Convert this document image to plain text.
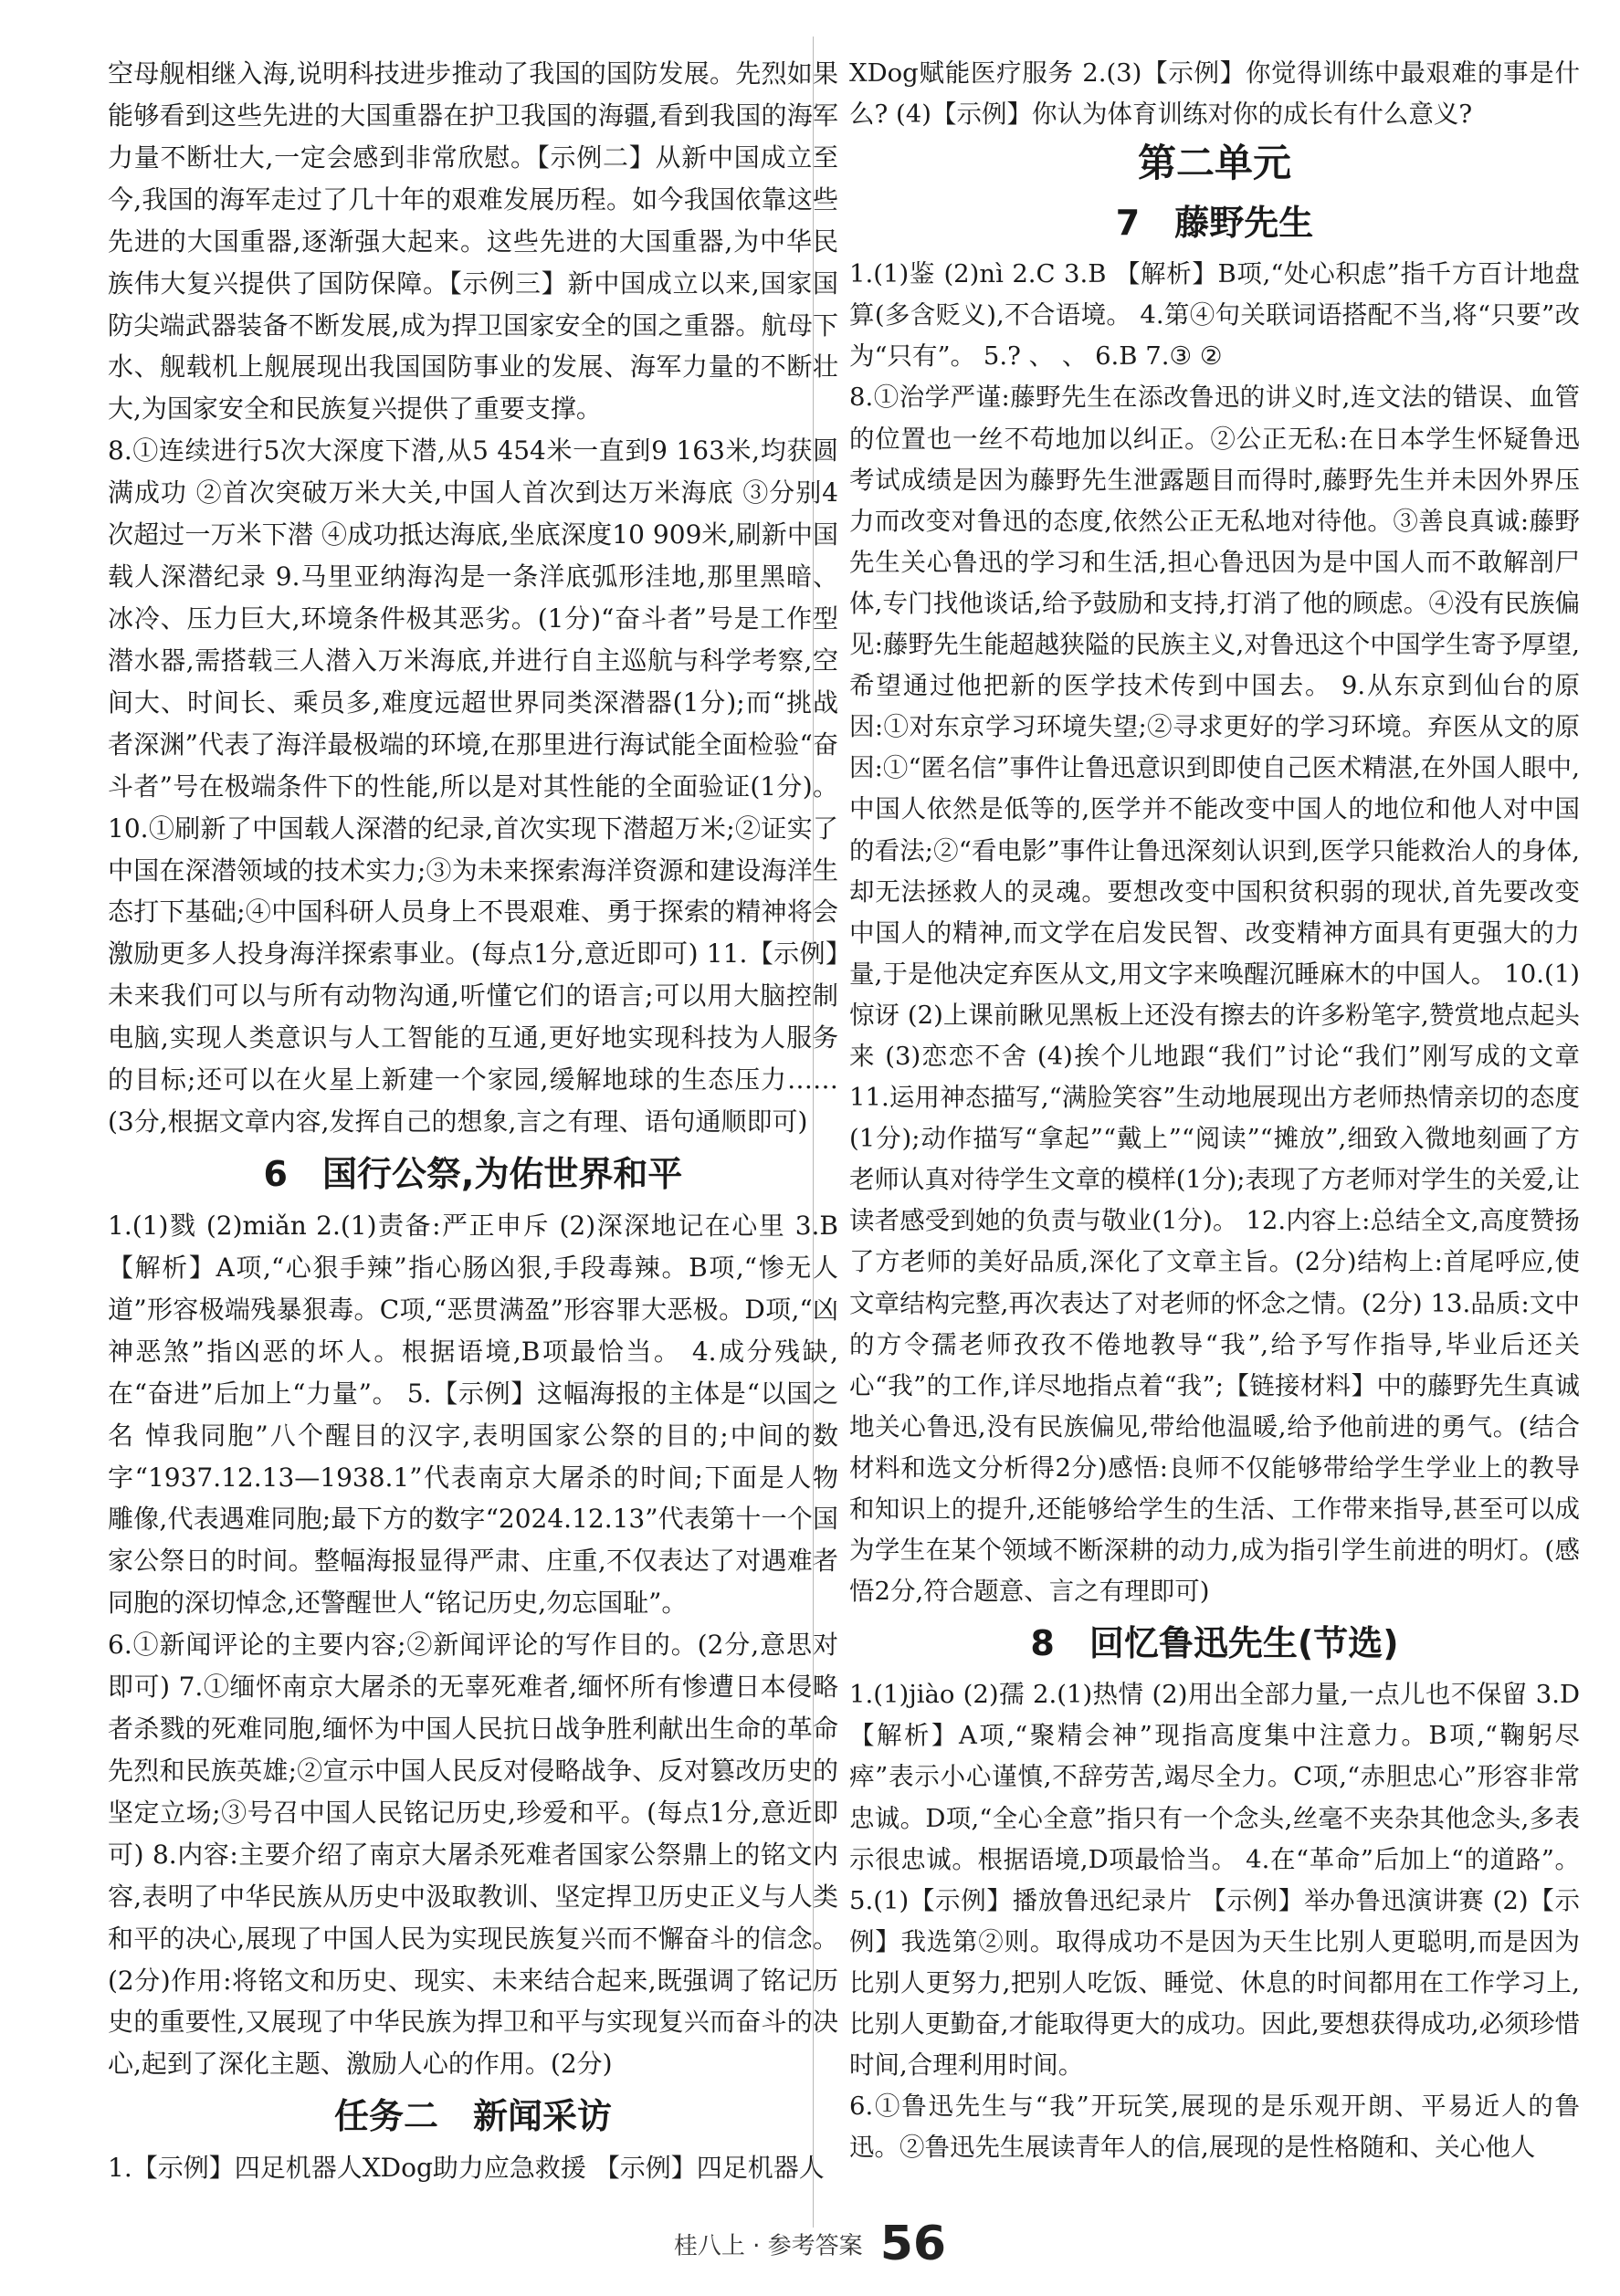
空母舰相继入海,说明科技进步推动了我国的国防发展。先烈如果能够看到这些先进的大国重器在护卫我国的海疆,看到我国的海军力量不断壮大,一定会感到非常欣慰。【示例二】从新中国成立至今,我国的海军走过了几十年的艰难发展历程。如今我国依靠这些先进的大国重器,逐渐强大起来。这些先进的大国重器,为中华民族伟大复兴提供了国防保障。【示例三】新中国成立以来,国家国防尖端武器装备不断发展,成为捍卫国家安全的国之重器。航母下水、舰载机上舰展现出我国国防事业的发展、海军力量的不断壮大,为国家安全和民族复兴提供了重要支撑。

8.①连续进行5次大深度下潜,从5 454米一直到9 163米,均获圆满成功 ②首次突破万米大关,中国人首次到达万米海底 ③分别4次超过一万米下潜 ④成功抵达海底,坐底深度10 909米,刷新中国载人深潜纪录 9.马里亚纳海沟是一条洋底弧形洼地,那里黑暗、冰冷、压力巨大,环境条件极其恶劣。(1分)“奋斗者”号是工作型潜水器,需搭载三人潜入万米海底,并进行自主巡航与科学考察,空间大、时间长、乘员多,难度远超世界同类深潜器(1分);而“挑战者深渊”代表了海洋最极端的环境,在那里进行海试能全面检验“奋斗者”号在极端条件下的性能,所以是对其性能的全面验证(1分)。 10.①刷新了中国载人深潜的纪录,首次实现下潜超万米;②证实了中国在深潜领域的技术实力;③为未来探索海洋资源和建设海洋生态打下基础;④中国科研人员身上不畏艰难、勇于探索的精神将会激励更多人投身海洋探索事业。(每点1分,意近即可) 11.【示例】未来我们可以与所有动物沟通,听懂它们的语言;可以用大脑控制电脑,实现人类意识与人工智能的互通,更好地实现科技为人服务的目标;还可以在火星上新建一个家园,缓解地球的生态压力……(3分,根据文章内容,发挥自己的想象,言之有理、语句通顺即可)

6　国行公祭,为佑世界和平

1.(1)戮 (2)miǎn 2.(1)责备:严正申斥 (2)深深地记在心里 3.B 【解析】A项,“心狠手辣”指心肠凶狠,手段毒辣。B项,“惨无人道”形容极端残暴狠毒。C项,“恶贯满盈”形容罪大恶极。D项,“凶神恶煞”指凶恶的坏人。根据语境,B项最恰当。 4.成分残缺,在“奋进”后加上“力量”。 5.【示例】这幅海报的主体是“以国之名 悼我同胞”八个醒目的汉字,表明国家公祭的目的;中间的数字“1937.12.13—1938.1”代表南京大屠杀的时间;下面是人物雕像,代表遇难同胞;最下方的数字“2024.12.13”代表第十一个国家公祭日的时间。整幅海报显得严肃、庄重,不仅表达了对遇难者同胞的深切悼念,还警醒世人“铭记历史,勿忘国耻”。

6.①新闻评论的主要内容;②新闻评论的写作目的。(2分,意思对即可) 7.①缅怀南京大屠杀的无辜死难者,缅怀所有惨遭日本侵略者杀戮的死难同胞,缅怀为中国人民抗日战争胜利献出生命的革命先烈和民族英雄;②宣示中国人民反对侵略战争、反对篡改历史的坚定立场;③号召中国人民铭记历史,珍爱和平。(每点1分,意近即可) 8.内容:主要介绍了南京大屠杀死难者国家公祭鼎上的铭文内容,表明了中华民族从历史中汲取教训、坚定捍卫历史正义与人类和平的决心,展现了中国人民为实现民族复兴而不懈奋斗的信念。(2分)作用:将铭文和历史、现实、未来结合起来,既强调了铭记历史的重要性,又展现了中华民族为捍卫和平与实现复兴而奋斗的决心,起到了深化主题、激励人心的作用。(2分)

任务二　新闻采访

1.【示例】四足机器人XDog助力应急救援 【示例】四足机器人

XDog赋能医疗服务 2.(3)【示例】你觉得训练中最艰难的事是什么? (4)【示例】你认为体育训练对你的成长有什么意义?

第二单元
7　藤野先生

1.(1)鉴 (2)nì 2.C 3.B 【解析】B项,“处心积虑”指千方百计地盘算(多含贬义),不合语境。 4.第④句关联词语搭配不当,将“只要”改为“只有”。 5.? 、 、 6.B 7.③ ②

8.①治学严谨:藤野先生在添改鲁迅的讲义时,连文法的错误、血管的位置也一丝不苟地加以纠正。②公正无私:在日本学生怀疑鲁迅考试成绩是因为藤野先生泄露题目而得时,藤野先生并未因外界压力而改变对鲁迅的态度,依然公正无私地对待他。③善良真诚:藤野先生关心鲁迅的学习和生活,担心鲁迅因为是中国人而不敢解剖尸体,专门找他谈话,给予鼓励和支持,打消了他的顾虑。④没有民族偏见:藤野先生能超越狭隘的民族主义,对鲁迅这个中国学生寄予厚望,希望通过他把新的医学技术传到中国去。 9.从东京到仙台的原因:①对东京学习环境失望;②寻求更好的学习环境。弃医从文的原因:①“匿名信”事件让鲁迅意识到即使自己医术精湛,在外国人眼中,中国人依然是低等的,医学并不能改变中国人的地位和他人对中国的看法;②“看电影”事件让鲁迅深刻认识到,医学只能救治人的身体,却无法拯救人的灵魂。要想改变中国积贫积弱的现状,首先要改变中国人的精神,而文学在启发民智、改变精神方面具有更强大的力量,于是他决定弃医从文,用文字来唤醒沉睡麻木的中国人。 10.(1)惊讶 (2)上课前瞅见黑板上还没有擦去的许多粉笔字,赞赏地点起头来 (3)恋恋不舍 (4)挨个儿地跟“我们”讨论“我们”刚写成的文章 11.运用神态描写,“满脸笑容”生动地展现出方老师热情亲切的态度(1分);动作描写“拿起”“戴上”“阅读”“摊放”,细致入微地刻画了方老师认真对待学生文章的模样(1分);表现了方老师对学生的关爱,让读者感受到她的负责与敬业(1分)。 12.内容上:总结全文,高度赞扬了方老师的美好品质,深化了文章主旨。(2分)结构上:首尾呼应,使文章结构完整,再次表达了对老师的怀念之情。(2分) 13.品质:文中的方令孺老师孜孜不倦地教导“我”,给予写作指导,毕业后还关心“我”的工作,详尽地指点着“我”;【链接材料】中的藤野先生真诚地关心鲁迅,没有民族偏见,带给他温暖,给予他前进的勇气。(结合材料和选文分析得2分)感悟:良师不仅能够带给学生学业上的教导和知识上的提升,还能够给学生的生活、工作带来指导,甚至可以成为学生在某个领域不断深耕的动力,成为指引学生前进的明灯。(感悟2分,符合题意、言之有理即可)

8　回忆鲁迅先生(节选)

1.(1)jiào (2)孺 2.(1)热情 (2)用出全部力量,一点儿也不保留 3.D 【解析】A项,“聚精会神”现指高度集中注意力。B项,“鞠躬尽瘁”表示小心谨慎,不辞劳苦,竭尽全力。C项,“赤胆忠心”形容非常忠诚。D项,“全心全意”指只有一个念头,丝毫不夹杂其他念头,多表示很忠诚。根据语境,D项最恰当。 4.在“革命”后加上“的道路”。 5.(1)【示例】播放鲁迅纪录片 【示例】举办鲁迅演讲赛 (2)【示例】我选第②则。取得成功不是因为天生比别人更聪明,而是因为比别人更努力,把别人吃饭、睡觉、休息的时间都用在工作学习上,比别人更勤奋,才能取得更大的成功。因此,要想获得成功,必须珍惜时间,合理利用时间。

6.①鲁迅先生与“我”开玩笑,展现的是乐观开朗、平易近人的鲁迅。②鲁迅先生展读青年人的信,展现的是性格随和、关心他人

桂八上 · 参考答案 56
